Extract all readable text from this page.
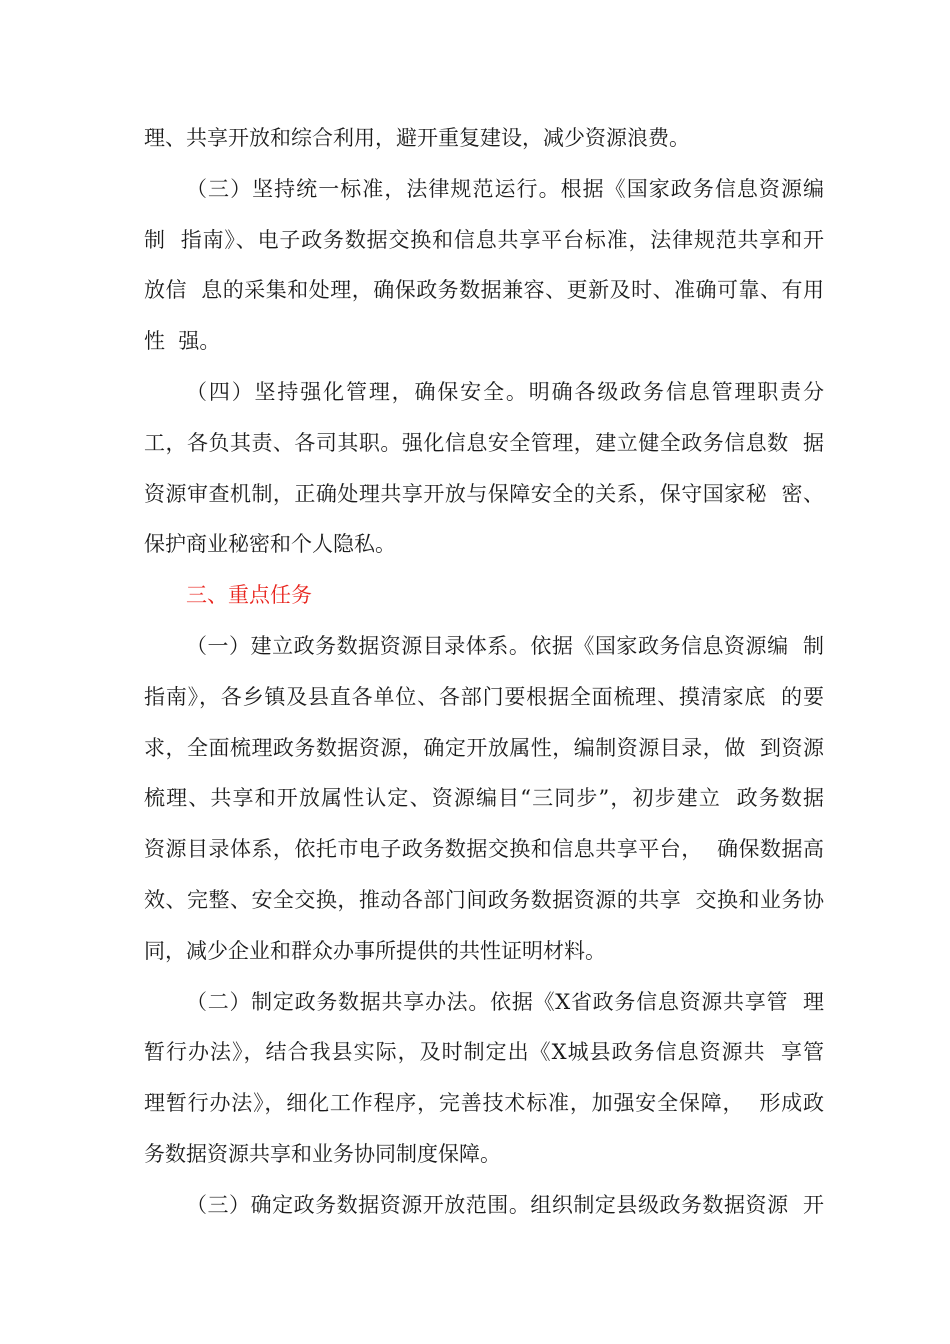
理、共享开放和综合利用，避开重复建设，减少资源浪费。
（三）坚持统一标准，法律规范运行。根据《国家政务信息资源编
制  指南》、电子政务数据交换和信息共享平台标准，法律规范共享和开
放信  息的采集和处理，确保政务数据兼容、更新及时、准确可靠、有用
性  强。
（四）坚持强化管理，确保安全。明确各级政务信息管理职责分
工，各负其责、各司其职。强化信息安全管理，建立健全政务信息数  据
资源审查机制，正确处理共享开放与保障安全的关系，保守国家秘  密、
保护商业秘密和个人隐私。
三、重点任务
（一）建立政务数据资源目录体系。依据《国家政务信息资源编  制
指南》，各乡镇及县直各单位、各部门要根据全面梳理、摸清家底  的要
求，全面梳理政务数据资源，确定开放属性，编制资源目录，做  到资源
梳理、共享和开放属性认定、资源编目“三同步”，初步建立  政务数据
资源目录体系，依托市电子政务数据交换和信息共享平台，  确保数据高
效、完整、安全交换，推动各部门间政务数据资源的共享  交换和业务协
同，减少企业和群众办事所提供的共性证明材料。
（二）制定政务数据共享办法。依据《X省政务信息资源共享管  理
暂行办法》，结合我县实际，及时制定出《X城县政务信息资源共  享管
理暂行办法》，细化工作程序，完善技术标准，加强安全保障，  形成政
务数据资源共享和业务协同制度保障。
（三）确定政务数据资源开放范围。组织制定县级政务数据资源  开
